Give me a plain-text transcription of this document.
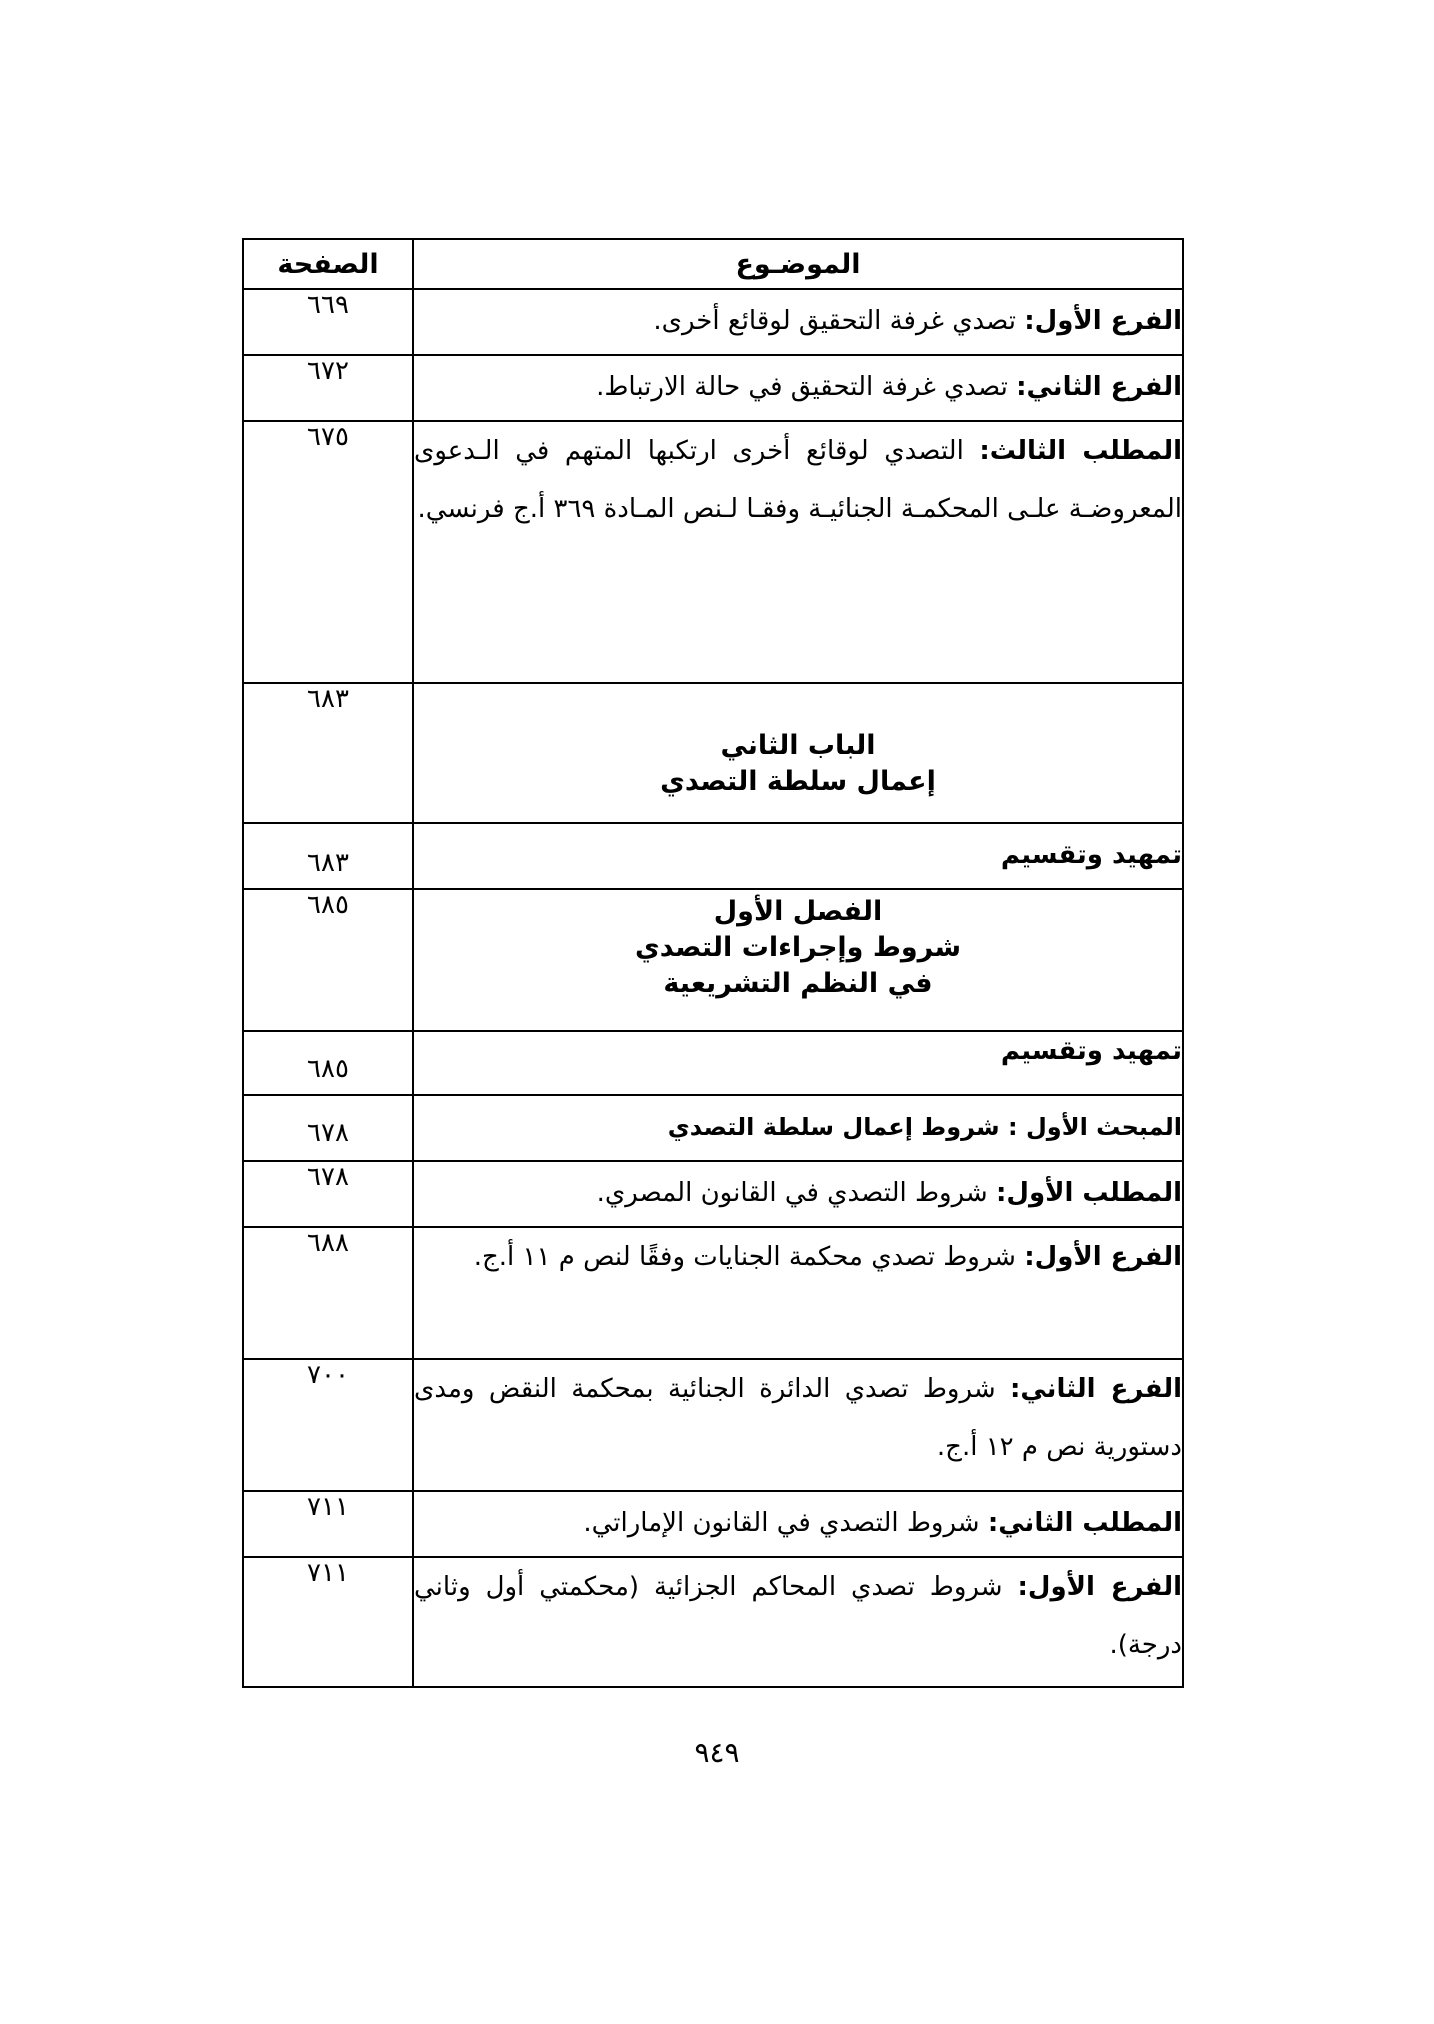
الموضـوع	الصفحة
الفرع الأول: تصدي غرفة التحقيق لوقائع أخرى.	٦٦٩
الفرع الثاني: تصدي غرفة التحقيق في حالة الارتباط.	٦٧٢
المطلب الثالث: التصدي لوقائع أخرى ارتكبها المتهم في الـدعوى المعروضـة علـى المحكمـة الجنائيـة وفقـا لـنص المـادة ٣٦٩ أ.ج فرنسي.	٦٧٥

الباب الثاني
إعمال سلطة التصدي	٦٨٣
تمهيد وتقسيم	٦٨٣

الفصل الأول
شروط وإجراءات التصدي
في النظم التشريعية	٦٨٥
تمهيد وتقسيم	٦٨٥
المبحث الأول : شروط إعمال سلطة التصدي	٦٧٨
المطلب الأول: شروط التصدي في القانون المصري.	٦٧٨
الفرع الأول: شروط تصدي محكمة الجنايات وفقًا لنص م ١١ أ.ج.	٦٨٨
الفرع الثاني: شروط تصدي الدائرة الجنائية بمحكمة النقض ومدى دستورية نص م ١٢ أ.ج.	٧٠٠
المطلب الثاني: شروط التصدي في القانون الإماراتي.	٧١١
الفرع الأول: شروط تصدي المحاكم الجزائية (محكمتي أول وثاني درجة).	٧١١
٩٤٩
